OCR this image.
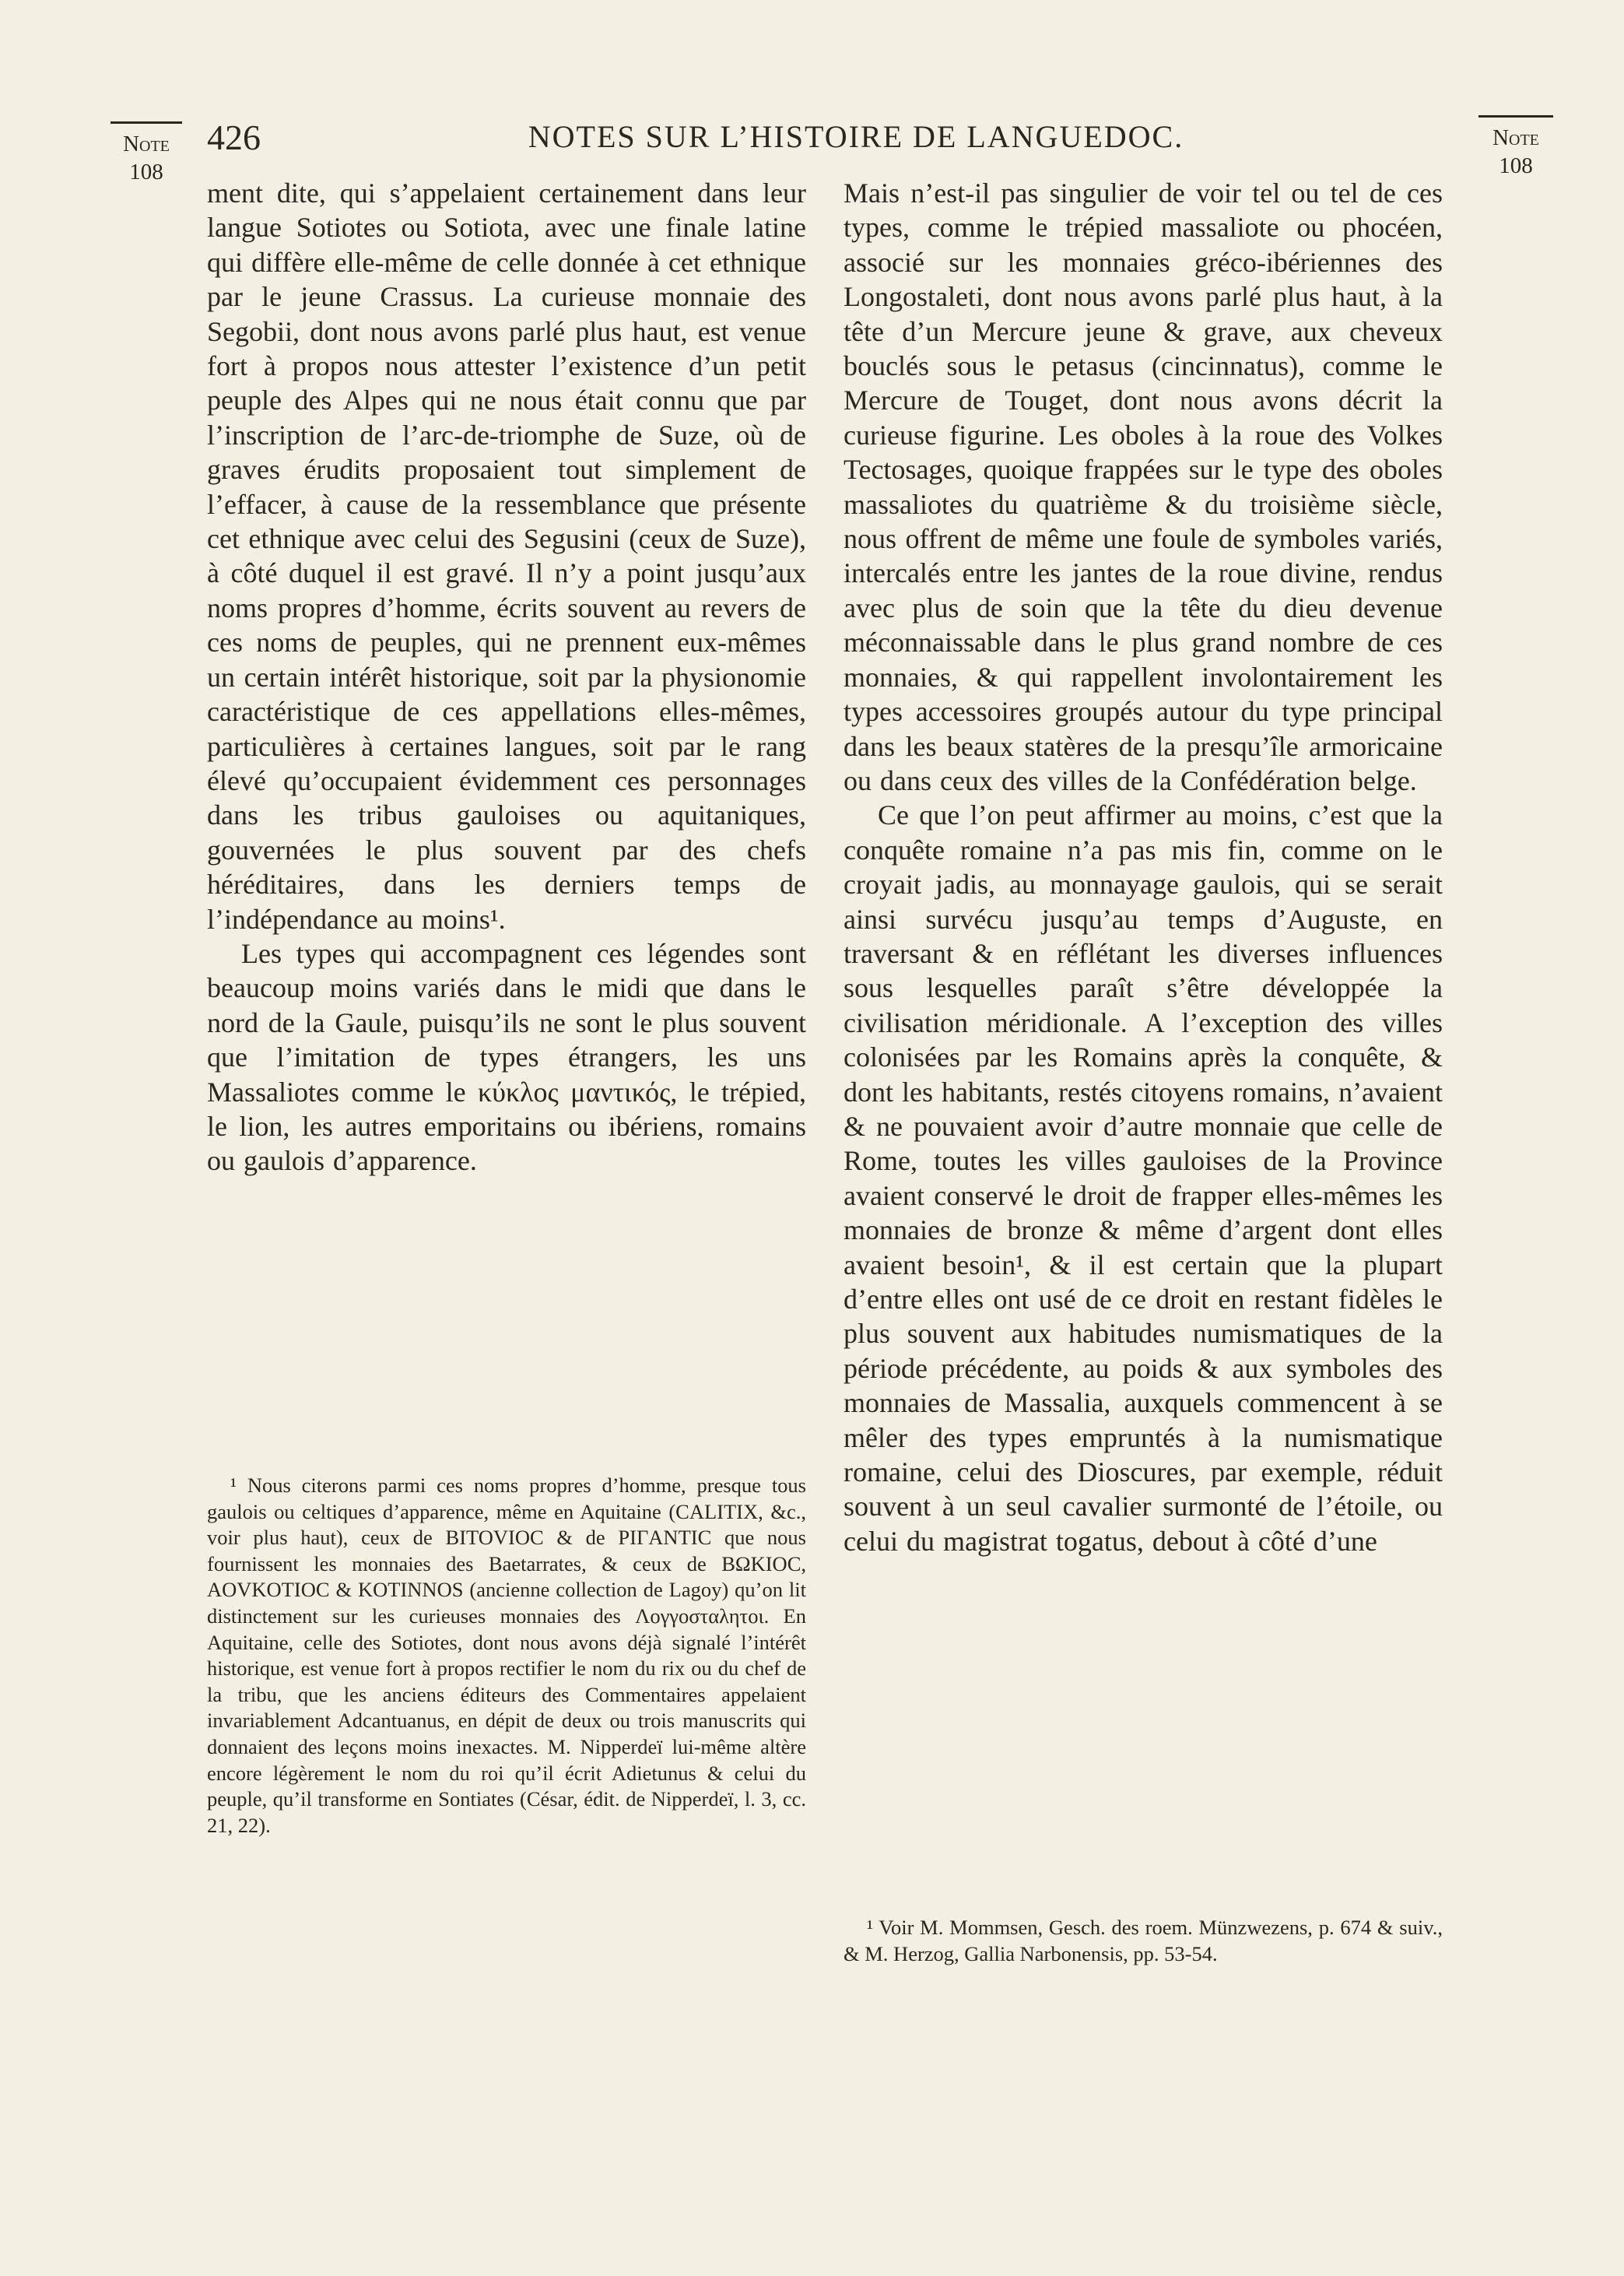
Note
108
426	NOTES SUR L’HISTOIRE DE LANGUEDOC.	Note
108

ment dite, qui s’appelaient certainement dans leur langue Sotiotes ou Sotiota, avec une finale latine qui diffère elle-même de celle donnée à cet ethnique par le jeune Crassus. La curieuse monnaie des Segobii, dont nous avons parlé plus haut, est venue fort à propos nous attester l’existence d’un petit peuple des Alpes qui ne nous était connu que par l’inscription de l’arc-de-triomphe de Suze, où de graves érudits proposaient tout simplement de l’effacer, à cause de la ressemblance que présente cet ethnique avec celui des Segusini (ceux de Suze), à côté duquel il est gravé. Il n’y a point jusqu’aux noms propres d’homme, écrits souvent au revers de ces noms de peuples, qui ne prennent eux-mêmes un certain intérêt historique, soit par la physionomie caractéristique de ces appellations elles-mêmes, particulières à certaines langues, soit par le rang élevé qu’occupaient évidemment ces personnages dans les tribus gauloises ou aquitaniques, gouvernées le plus souvent par des chefs héréditaires, dans les derniers temps de l’indépendance au moins¹.

Les types qui accompagnent ces légendes sont beaucoup moins variés dans le midi que dans le nord de la Gaule, puisqu’ils ne sont le plus souvent que l’imitation de types étrangers, les uns Massaliotes comme le κύκλος μαντικός, le trépied, le lion, les autres emporitains ou ibériens, romains ou gaulois d’apparence.

Mais n’est-il pas singulier de voir tel ou tel de ces types, comme le trépied massaliote ou phocéen, associé sur les monnaies gréco-ibériennes des Longostaleti, dont nous avons parlé plus haut, à la tête d’un Mercure jeune & grave, aux cheveux bouclés sous le petasus (cincinnatus), comme le Mercure de Touget, dont nous avons décrit la curieuse figurine. Les oboles à la roue des Volkes Tectosages, quoique frappées sur le type des oboles massaliotes du quatrième & du troisième siècle, nous offrent de même une foule de symboles variés, intercalés entre les jantes de la roue divine, rendus avec plus de soin que la tête du dieu devenue méconnaissable dans le plus grand nombre de ces monnaies, & qui rappellent involontairement les types accessoires groupés autour du type principal dans les beaux statères de la presqu’île armoricaine ou dans ceux des villes de la Confédération belge.

Ce que l’on peut affirmer au moins, c’est que la conquête romaine n’a pas mis fin, comme on le croyait jadis, au monnayage gaulois, qui se serait ainsi survécu jusqu’au temps d’Auguste, en traversant & en réflétant les diverses influences sous lesquelles paraît s’être développée la civilisation méridionale. A l’exception des villes colonisées par les Romains après la conquête, & dont les habitants, restés citoyens romains, n’avaient & ne pouvaient avoir d’autre monnaie que celle de Rome, toutes les villes gauloises de la Province avaient conservé le droit de frapper elles-mêmes les monnaies de bronze & même d’argent dont elles avaient besoin¹, & il est certain que la plupart d’entre elles ont usé de ce droit en restant fidèles le plus souvent aux habitudes numismatiques de la période précédente, au poids & aux symboles des monnaies de Massalia, auxquels commencent à se mêler des types empruntés à la numismatique romaine, celui des Dioscures, par exemple, réduit souvent à un seul cavalier surmonté de l’étoile, ou celui du magistrat togatus, debout à côté d’une

¹ Nous citerons parmi ces noms propres d’homme, presque tous gaulois ou celtiques d’apparence, même en Aquitaine (CALITIX, &c., voir plus haut), ceux de BITOVIOC & de PIΓANTIC que nous fournissent les monnaies des Baetarrates, & ceux de BΩKIOC, AOVKOTIOC & KOTINNOS (ancienne collection de Lagoy) qu’on lit distinctement sur les curieuses monnaies des Λογγοσταλητοι. En Aquitaine, celle des Sotiotes, dont nous avons déjà signalé l’intérêt historique, est venue fort à propos rectifier le nom du rix ou du chef de la tribu, que les anciens éditeurs des Commentaires appelaient invariablement Adcantuanus, en dépit de deux ou trois manuscrits qui donnaient des leçons moins inexactes. M. Nipperdeï lui-même altère encore légèrement le nom du roi qu’il écrit Adietunus & celui du peuple, qu’il transforme en Sontiates (César, édit. de Nipperdeï, l. 3, cc. 21, 22).

¹ Voir M. Mommsen, Gesch. des roem. Münzwezens, p. 674 & suiv., & M. Herzog, Gallia Narbonensis, pp. 53-54.
